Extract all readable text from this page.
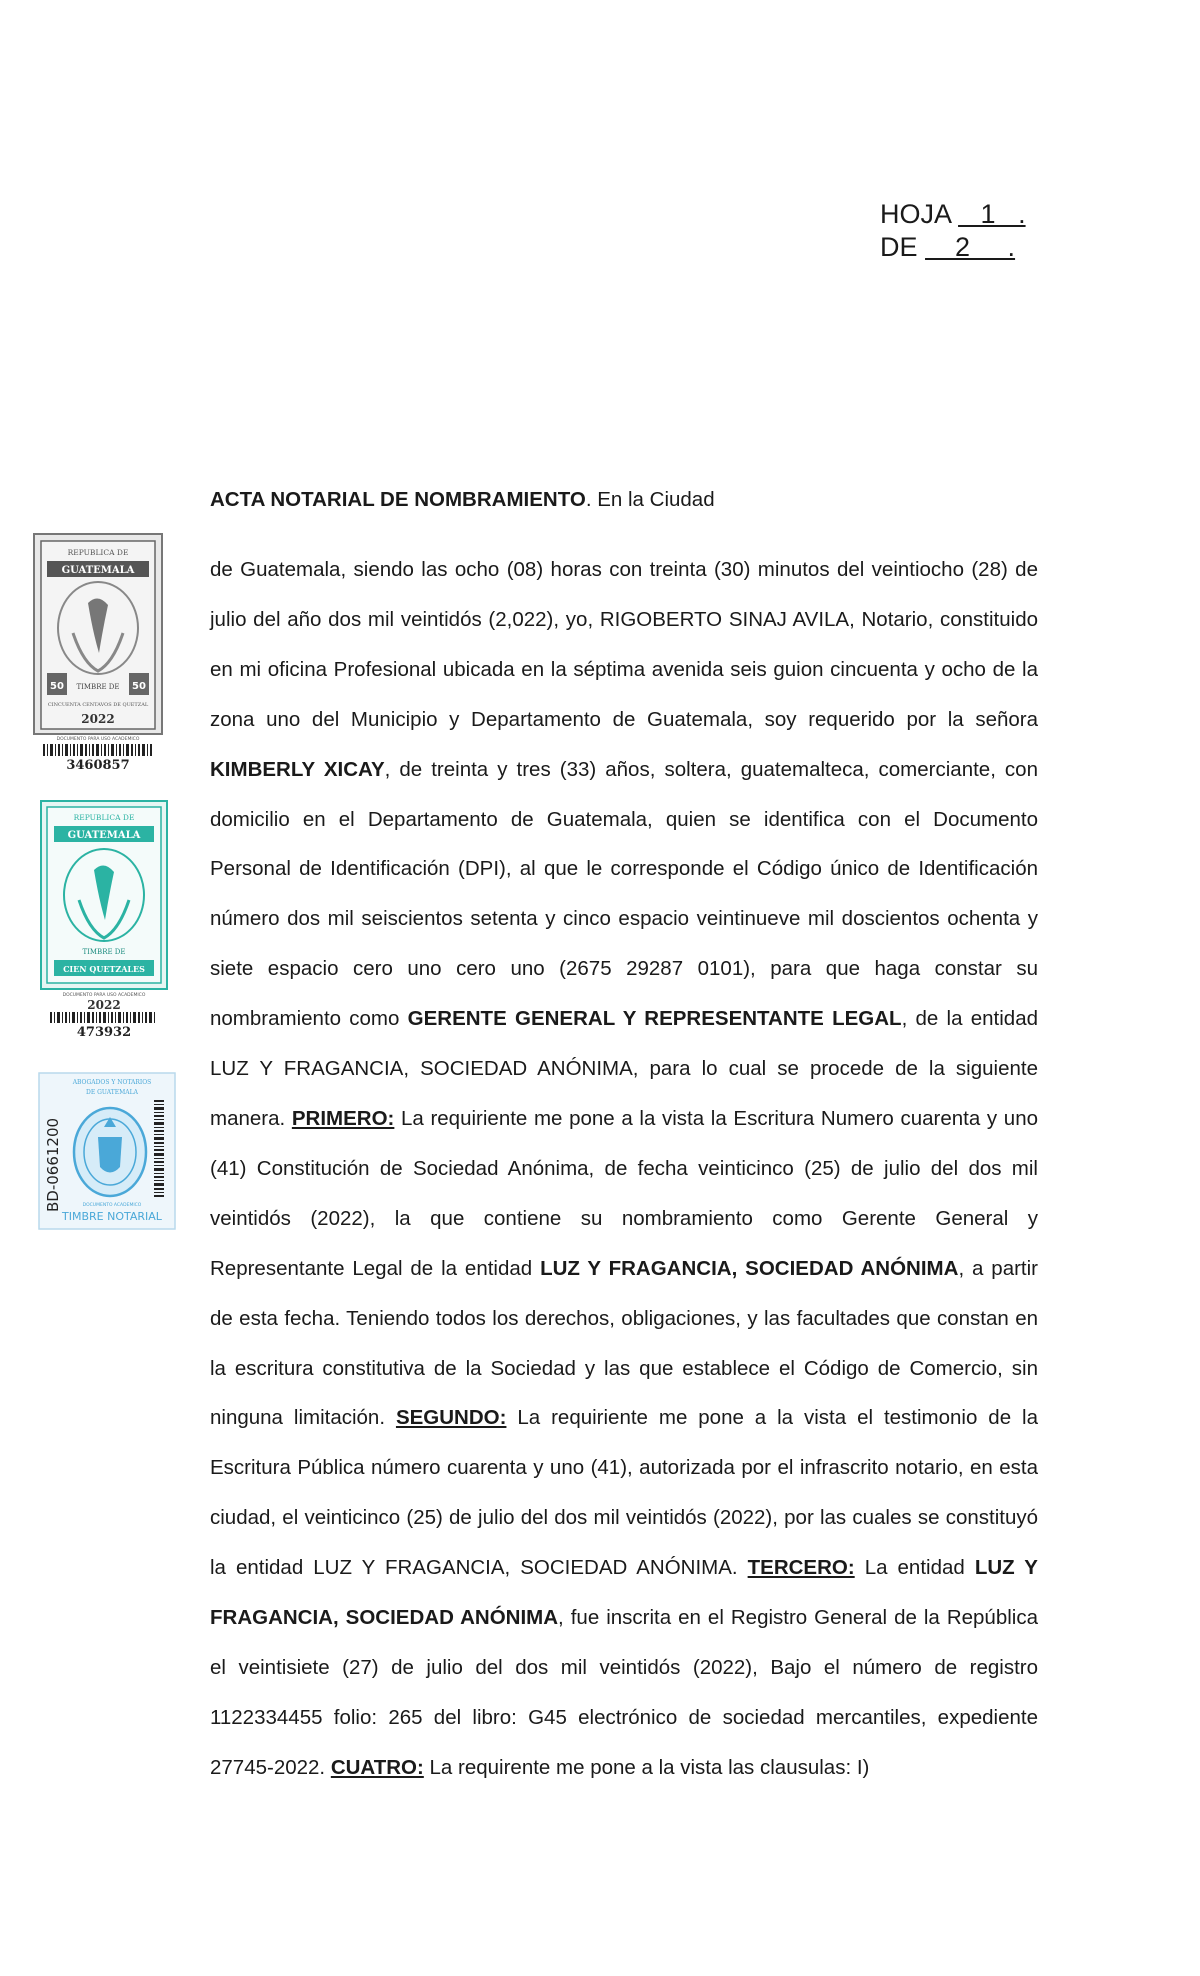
HOJA    1   .
DE     2     .
ACTA NOTARIAL DE NOMBRAMIENTO. En la Ciudad
de Guatemala, siendo las ocho (08) horas con treinta (30) minutos del veintiocho (28) de julio del año dos mil veintidós (2,022), yo, RIGOBERTO SINAJ AVILA, Notario, constituido en mi oficina Profesional ubicada en la séptima avenida seis guion cincuenta y ocho de la zona uno del Municipio y Departamento de Guatemala, soy requerido por la señora KIMBERLY XICAY, de treinta y tres (33) años, soltera, guatemalteca, comerciante, con domicilio en el Departamento de Guatemala, quien se identifica con el Documento Personal de Identificación (DPI), al que le corresponde el Código único de Identificación número dos mil seiscientos setenta y cinco espacio veintinueve mil doscientos ochenta y siete espacio cero uno cero uno (2675 29287 0101), para que haga constar su nombramiento como GERENTE GENERAL Y REPRESENTANTE LEGAL, de la entidad LUZ Y FRAGANCIA, SOCIEDAD ANÓNIMA, para lo cual se procede de la siguiente manera. PRIMERO: La requiriente me pone a la vista la Escritura Numero cuarenta y uno (41) Constitución de Sociedad Anónima, de fecha veinticinco (25) de julio del dos mil veintidós (2022), la que contiene su nombramiento como Gerente General y Representante Legal de la entidad LUZ Y FRAGANCIA, SOCIEDAD ANÓNIMA, a partir de esta fecha. Teniendo todos los derechos, obligaciones, y las facultades que constan en la escritura constitutiva de la Sociedad y las que establece el Código de Comercio, sin ninguna limitación. SEGUNDO: La requiriente me pone a la vista el testimonio de la Escritura Pública número cuarenta y uno (41), autorizada por el infrascrito notario, en esta ciudad, el veinticinco (25) de julio del dos mil veintidós (2022), por las cuales se constituyó la entidad LUZ Y FRAGANCIA, SOCIEDAD ANÓNIMA. TERCERO: La entidad LUZ Y FRAGANCIA, SOCIEDAD ANÓNIMA, fue inscrita en el Registro General de la República el veintisiete (27) de julio del dos mil veintidós (2022), Bajo el número de registro 1122334455 folio: 265 del libro: G45 electrónico de sociedad mercantiles, expediente 27745-2022. CUATRO: La requirente me pone a la vista las clausulas: I)
REPUBLICA DE
GUATEMALA
50	50
TIMBRE DE
CINCUENTA CENTAVOS DE QUETZAL
2022
DOCUMENTO PARA USO ACADEMICO
3460857
REPUBLICA DE
GUATEMALA
TIMBRE DE
CIEN QUETZALES
DOCUMENTO PARA USO ACADEMICO
2022
473932
ABOGADOS Y NOTARIOS
DE GUATEMALA
BD-0661200	DOCUMENTO ACADEMICO
TIMBRE NOTARIAL
